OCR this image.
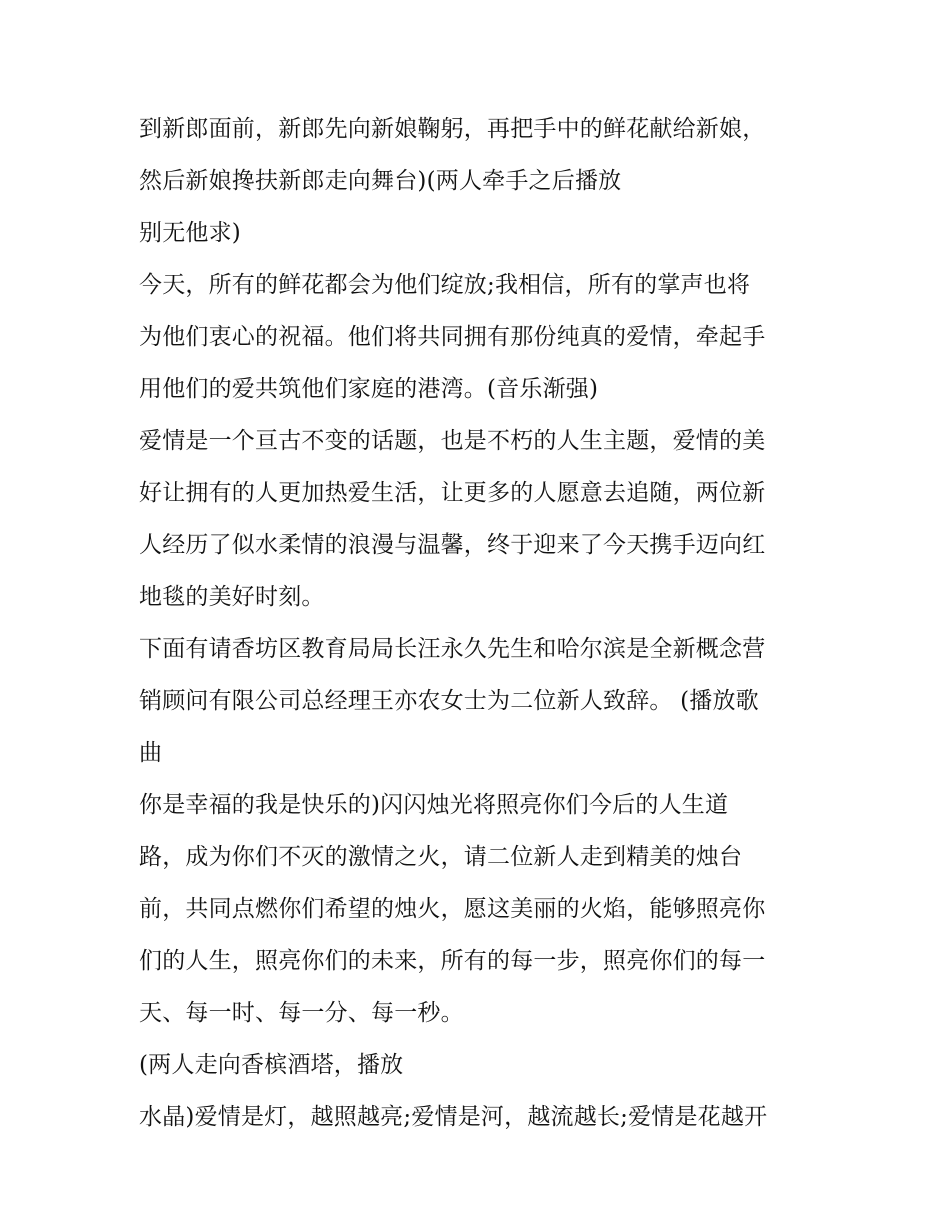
到新郎面前，新郎先向新娘鞠躬，再把手中的鲜花献给新娘，
然后新娘搀扶新郎走向舞台)(两人牵手之后播放
别无他求)
今天，所有的鲜花都会为他们绽放;我相信，所有的掌声也将
为他们衷心的祝福。他们将共同拥有那份纯真的爱情，牵起手
用他们的爱共筑他们家庭的港湾。(音乐渐强)
爱情是一个亘古不变的话题，也是不朽的人生主题，爱情的美
好让拥有的人更加热爱生活，让更多的人愿意去追随，两位新
人经历了似水柔情的浪漫与温馨，终于迎来了今天携手迈向红
地毯的美好时刻。
下面有请香坊区教育局局长汪永久先生和哈尔滨是全新概念营
销顾问有限公司总经理王亦农女士为二位新人致辞。 (播放歌
曲
你是幸福的我是快乐的)闪闪烛光将照亮你们今后的人生道
路，成为你们不灭的激情之火，请二位新人走到精美的烛台
前，共同点燃你们希望的烛火，愿这美丽的火焰，能够照亮你
们的人生，照亮你们的未来，所有的每一步，照亮你们的每一
天、每一时、每一分、每一秒。
(两人走向香槟酒塔，播放
水晶)爱情是灯，越照越亮;爱情是河，越流越长;爱情是花越开
